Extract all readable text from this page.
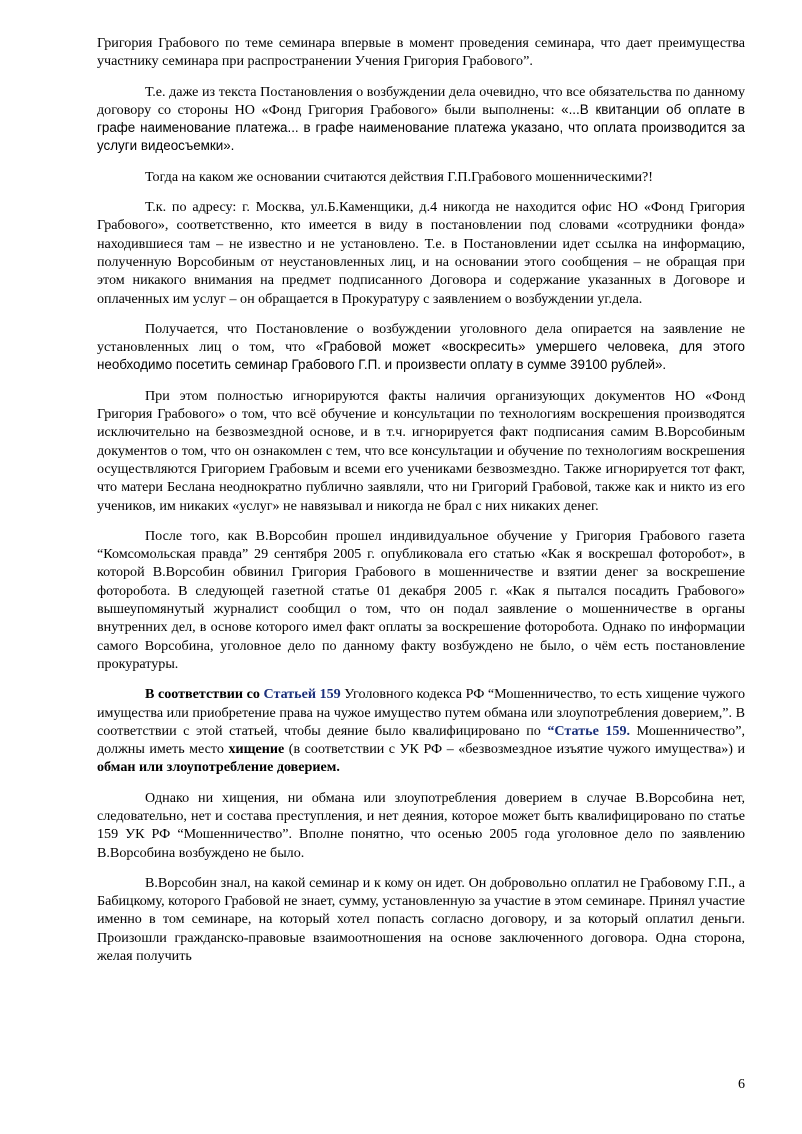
Григория Грабового по теме семинара впервые в момент проведения семинара, что дает преимущества участнику семинара при распространении Учения Григория Грабового”.

Т.е. даже из текста Постановления о возбуждении дела очевидно, что все обязательства по данному договору со стороны НО «Фонд Григория Грабового» были выполнены: «...В квитанции об оплате в графе наименование платежа... в графе наименование платежа указано, что оплата производится за услуги видеосъемки».

Тогда на каком же основании считаются действия Г.П.Грабового мошенническими?!

Т.к. по адресу: г. Москва, ул.Б.Каменщики, д.4 никогда не находится офис НО «Фонд Григория Грабового», соответственно, кто имеется в виду в постановлении под словами «сотрудники фонда» находившиеся там – не известно и не установлено. Т.е. в Постановлении идет ссылка на информацию, полученную Ворсобиным от неустановленных лиц, и на основании этого сообщения – не обращая при этом никакого внимания на предмет подписанного Договора и содержание указанных в Договоре и оплаченных им услуг – он обращается в Прокуратуру с заявлением о возбуждении уг.дела.

Получается, что Постановление о возбуждении уголовного дела опирается на заявление не установленных лиц о том, что «Грабовой может «воскресить» умершего человека, для этого необходимо посетить семинар Грабового Г.П. и произвести оплату в сумме 39100 рублей».

При этом полностью игнорируются факты наличия организующих документов НО «Фонд Григория Грабового» о том, что всё обучение и консультации по технологиям воскрешения производятся исключительно на безвозмездной основе, и в т.ч. игнорируется факт подписания самим В.Ворсобиным документов о том, что он ознакомлен с тем, что все консультации и обучение по технологиям воскрешения осуществляются Григорием Грабовым и всеми его учениками безвозмездно. Также игнорируется тот факт, что матери Беслана неоднократно публично заявляли, что ни Григорий Грабовой, также как и никто из его учеников, им никаких «услуг» не навязывал и никогда не брал с них никаких денег.

После того, как В.Ворсобин прошел индивидуальное обучение у Григория Грабового газета “Комсомольская правда” 29 сентября 2005 г. опубликовала его статью «Как я воскрешал фоторобот», в которой В.Ворсобин обвинил Григория Грабового в мошенничестве и взятии денег за воскрешение фоторобота. В следующей газетной статье 01 декабря 2005 г. «Как я пытался посадить Грабового» вышеупомянутый журналист сообщил о том, что он подал заявление о мошенничестве в органы внутренних дел, в основе которого имел факт оплаты за воскрешение фоторобота. Однако по информации самого Ворсобина, уголовное дело по данному факту возбуждено не было, о чём есть постановление прокуратуры.

В соответствии со Статьей 159 Уголовного кодекса РФ “Мошенничество, то есть хищение чужого имущества или приобретение права на чужое имущество путем обмана или злоупотребления доверием,”. В соответствии с этой статьей, чтобы деяние было квалифицировано по “Статье 159. Мошенничество”, должны иметь место хищение (в соответствии с УК РФ – «безвозмездное изъятие чужого имущества») и обман или злоупотребление доверием.

Однако ни хищения, ни обмана или злоупотребления доверием в случае В.Ворсобина нет, следовательно, нет и состава преступления, и нет деяния, которое может быть квалифицировано по статье 159 УК РФ “Мошенничество”. Вполне понятно, что осенью 2005 года уголовное дело по заявлению В.Ворсобина возбуждено не было.

В.Ворсобин знал, на какой семинар и к кому он идет. Он добровольно оплатил не Грабовому Г.П., а Бабицкому, которого Грабовой не знает, сумму, установленную за участие в этом семинаре. Принял участие именно в том семинаре, на который хотел попасть согласно договору, и за который оплатил деньги. Произошли гражданско-правовые взаимоотношения на основе заключенного договора. Одна сторона, желая получить

6
